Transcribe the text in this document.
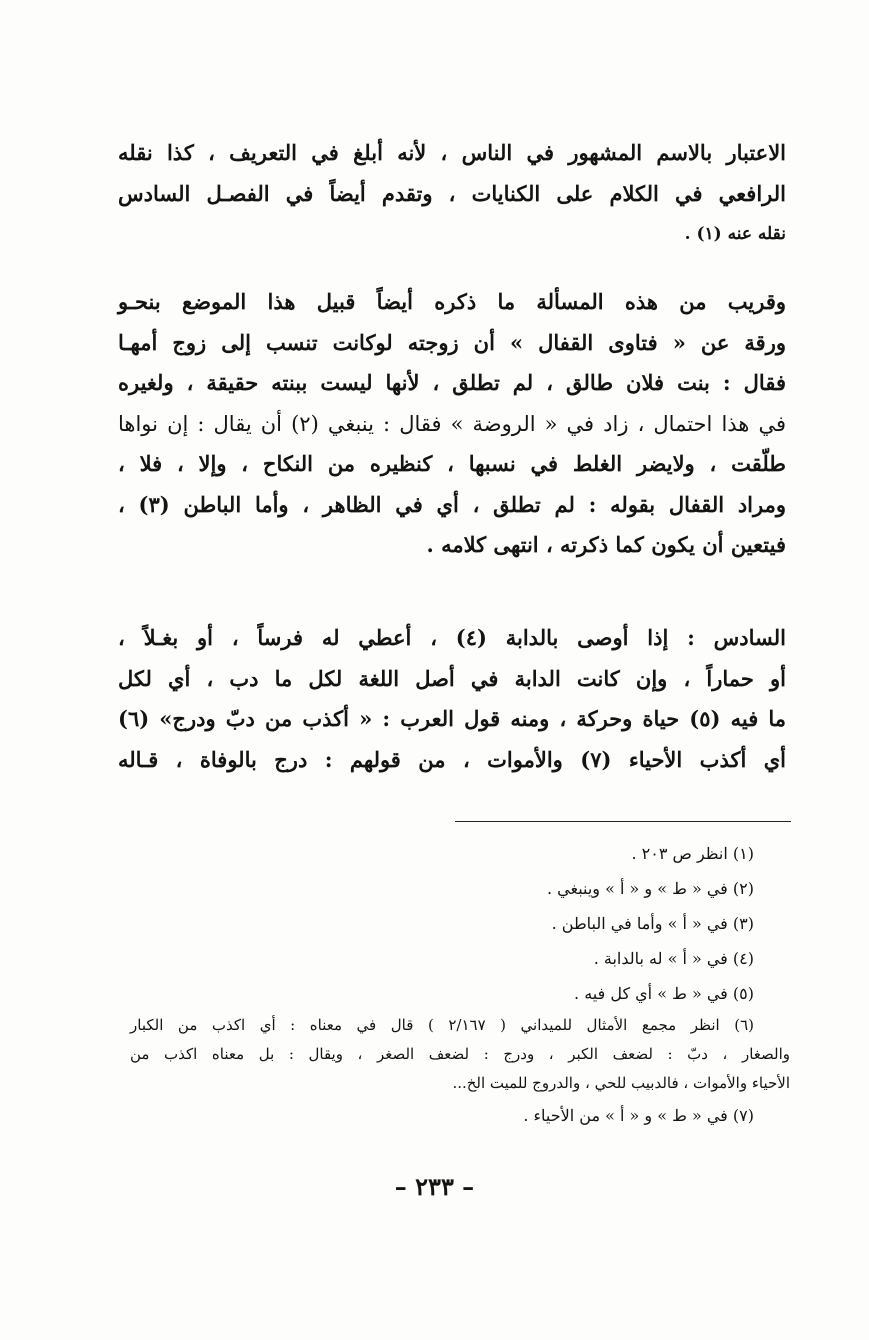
الاعتبار بالاسم المشهور في الناس ، لأنه أبلغ في التعريف ، كذا نقله
الرافعي في الكلام على الكنايات ، وتقدم أيضاً في الفصـل السادس
نقله عنه (١) .

وقريب من هذه المسألة ما ذكره أيضاً قبيل هذا الموضع بنحـو
ورقة عن « فتاوى القفال » أن زوجته لوكانت تنسب إلى زوج أمهـا
فقال : بنت فلان طالق ، لم تطلق ، لأنها ليست ببنته حقيقة ، ولغيره
في هذا احتمال ، زاد في « الروضة » فقال : ينبغي (٢) أن يقال : إن نواها
طلّقت ، ولايضر الغلط في نسبها ، كنظيره من النكاح ، وإلا ، فلا ،
ومراد القفال بقوله : لم تطلق ، أي في الظاهر ، وأما الباطن (٣) ،
فيتعين أن يكون كما ذكرته ، انتهى كلامه .

السادس : إذا أوصى بالدابة (٤) ، أعطي له فرساً ، أو بغـلاً ،
أو حماراً ، وإن كانت الدابة في أصل اللغة لكل ما دب ، أي لكل
ما فيه (٥) حياة وحركة ، ومنه قول العرب : « أكذب من دبّ ودرج» (٦)
أي أكذب الأحياء (٧) والأموات ، من قولهم : درج بالوفاة ، قـاله

(١) انظر ص ٢٠٣ .
(٢) في « ط » و « أ » وينبغي .
(٣) في « أ » وأما في الباطن .
(٤) في « أ » له بالدابة .
(٥) في « ط » أي كل فيه .
(٦) انظر مجمع الأمثال للميداني ( ٢/١٦٧ ) قال في معناه : أي اكذب من الكبار
والصغار ، دبّ : لضعف الكبر ، ودرج : لضعف الصغر ، ويقال : بل معناه اكذب من
الأحياء والأموات ، فالدبيب للحي ، والدروج للميت الخ...
(٧) في « ط » و « أ » من الأحياء .
– ٢٣٣ –
